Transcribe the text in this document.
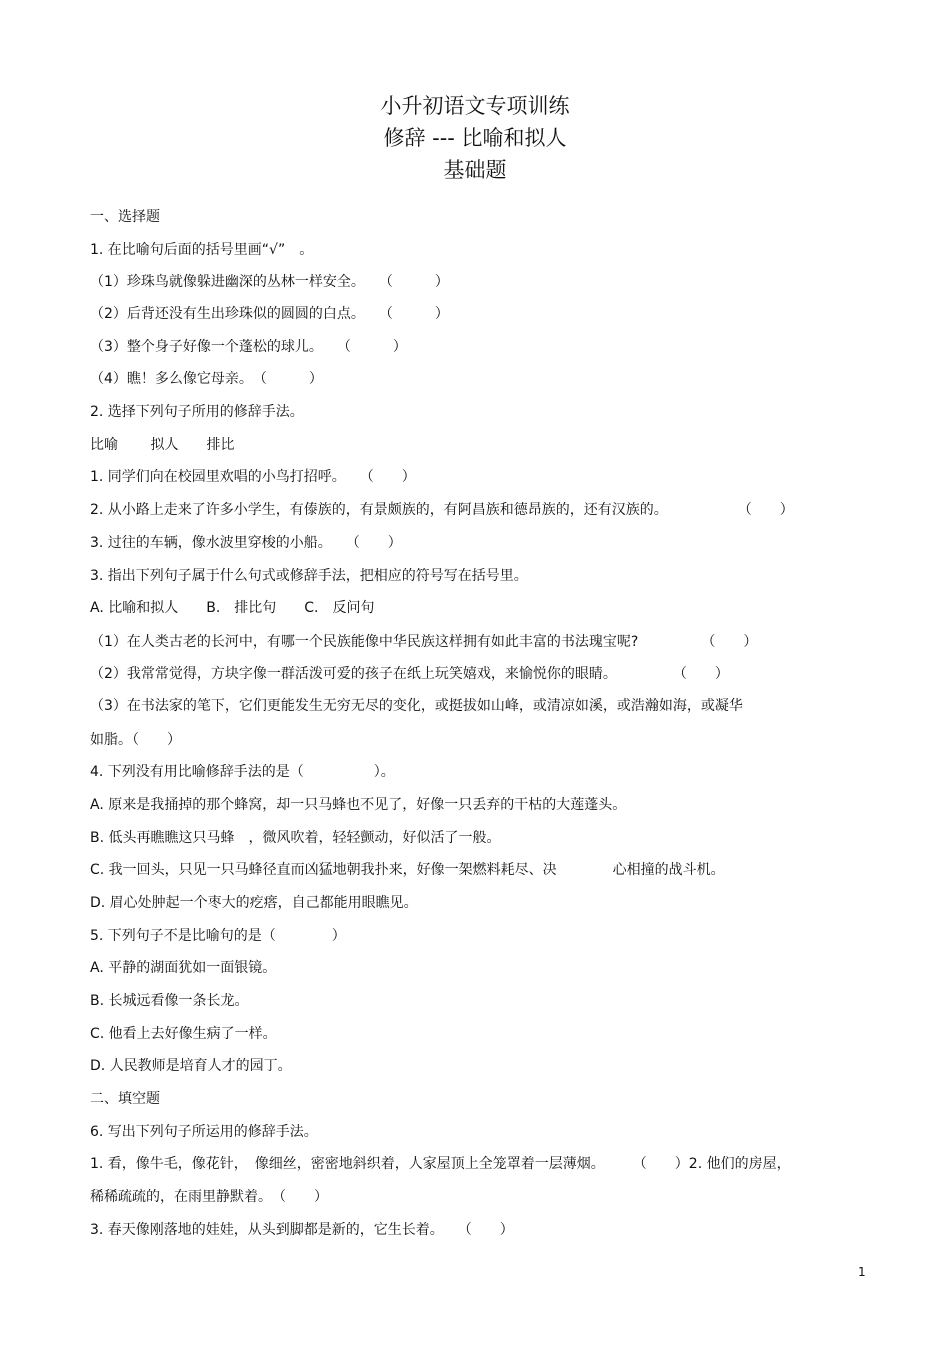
小升初语文专项训练
修辞 --- 比喻和拟人
基础题
一、选择题
1. 在比喻句后面的括号里画“√”　。
（1）珍珠鸟就像躲进幽深的丛林一样安全。　　（　　　）
（2）后背还没有生出珍珠似的圆圆的白点。　　（　　　）
（3）整个身子好像一个蓬松的球儿。　　（　　　）
（4）瞧！多么像它母亲。　（　　　）
2. 选择下列句子所用的修辞手法。
比喻　　 拟人　　排比
1. 同学们向在校园里欢唱的小鸟打招呼。　　（　　）
2. 从小路上走来了许多小学生，有傣族的，有景颇族的，有阿昌族和德昂族的，还有汉族的。　　　　　　（　　）
3. 过往的车辆，像水波里穿梭的小船。　　（　　）
3. 指出下列句子属于什么句式或修辞手法，把相应的符号写在括号里。
A. 比喻和拟人　　B.　排比句　　C.　反问句
（1）在人类古老的长河中，有哪一个民族能像中华民族这样拥有如此丰富的书法瑰宝呢?　　　　　（　　）
（2）我常常觉得，方块字像一群活泼可爱的孩子在纸上玩笑嬉戏，来愉悦你的眼睛。　　　　　（　　）
（3）在书法家的笔下，它们更能发生无穷无尽的变化，或挺拔如山峰，或清凉如溪，或浩瀚如海，或凝华
如脂。（　　）
4. 下列没有用比喻修辞手法的是（　　　　　）。
A. 原来是我捅掉的那个蜂窝，却一只马蜂也不见了，好像一只丢弃的干枯的大莲蓬头。
B. 低头再瞧瞧这只马蜂　，微风吹着，轻轻颤动，好似活了一般。
C. 我一回头，只见一只马蜂径直而凶猛地朝我扑来，好像一架燃料耗尽、决　　　　心相撞的战斗机。
D. 眉心处肿起一个枣大的疙瘩，自己都能用眼瞧见。
5. 下列句子不是比喻句的是（　　　　）
A. 平静的湖面犹如一面银镜。
B. 长城远看像一条长龙。
C. 他看上去好像生病了一样。
D. 人民教师是培育人才的园丁。
二、填空题
6. 写出下列句子所运用的修辞手法。
1. 看，像牛毛，像花针，　像细丝，密密地斜织着，人家屋顶上全笼罩着一层薄烟。　　　（　　）2. 他们的房屋，
稀稀疏疏的，在雨里静默着。　（　　）
3. 春天像刚落地的娃娃，从头到脚都是新的，它生长着。　　（　　）
1
